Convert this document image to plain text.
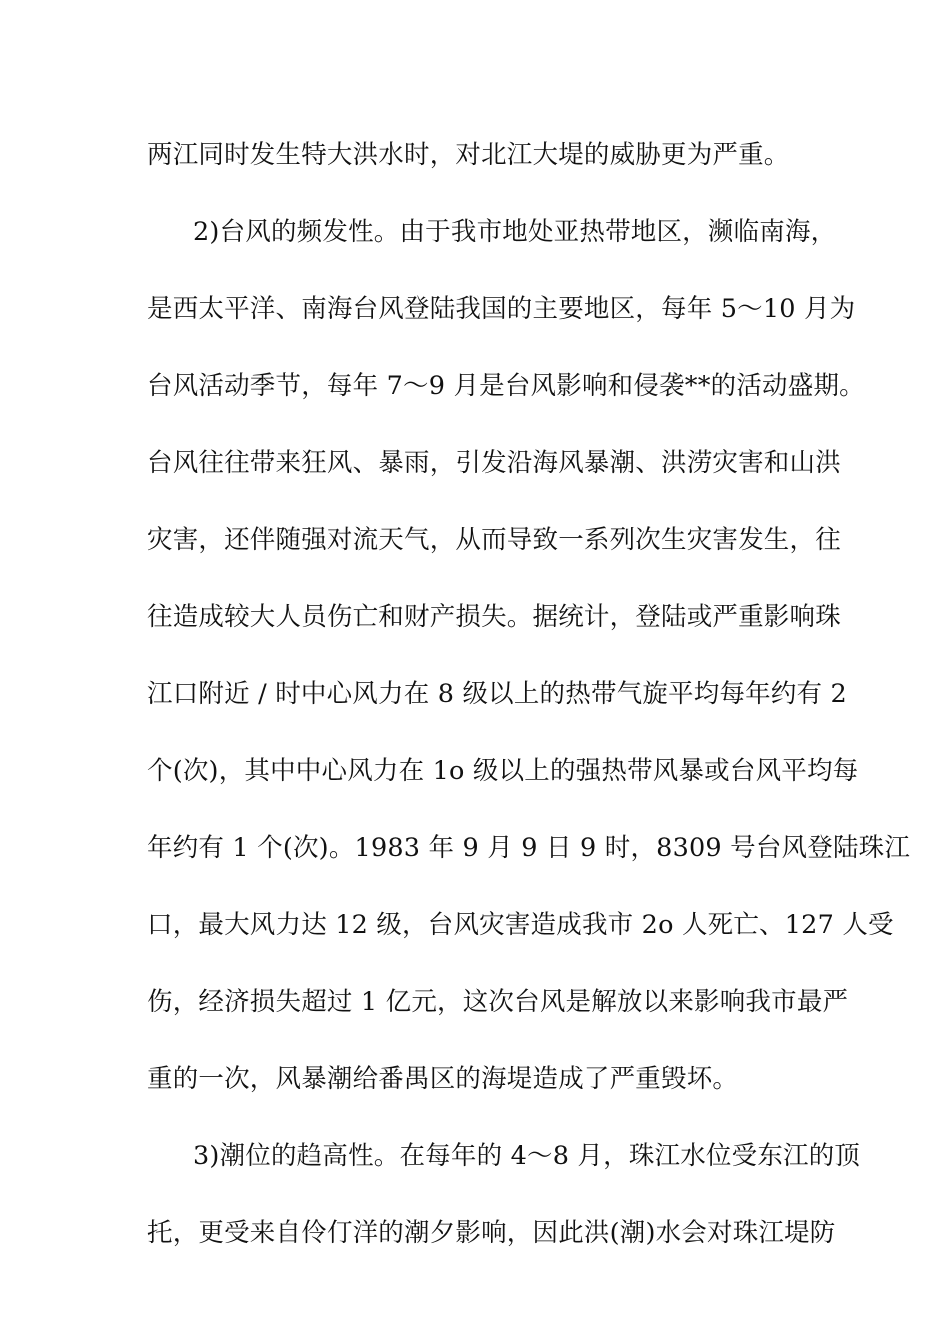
两江同时发生特大洪水时，对北江大堤的威胁更为严重。
2)台风的频发性。由于我市地处亚热带地区，濒临南海，
是西太平洋、南海台风登陆我国的主要地区，每年 5～10 月为
台风活动季节，每年 7～9 月是台风影响和侵袭**的活动盛期。
台风往往带来狂风、暴雨，引发沿海风暴潮、洪涝灾害和山洪
灾害，还伴随强对流天气，从而导致一系列次生灾害发生，往
往造成较大人员伤亡和财产损失。据统计，登陆或严重影响珠
江口附近 / 时中心风力在 8 级以上的热带气旋平均每年约有 2
个(次)，其中中心风力在 1o 级以上的强热带风暴或台风平均每
年约有 1 个(次)。1983 年 9 月 9 日 9 时，8309 号台风登陆珠江
口，最大风力达 12 级，台风灾害造成我市 2o 人死亡、127 人受
伤，经济损失超过 1 亿元，这次台风是解放以来影响我市最严
重的一次，风暴潮给番禺区的海堤造成了严重毁坏。
3)潮位的趋高性。在每年的 4～8 月，珠江水位受东江的顶
托，更受来自伶仃洋的潮夕影响，因此洪(潮)水会对珠江堤防
